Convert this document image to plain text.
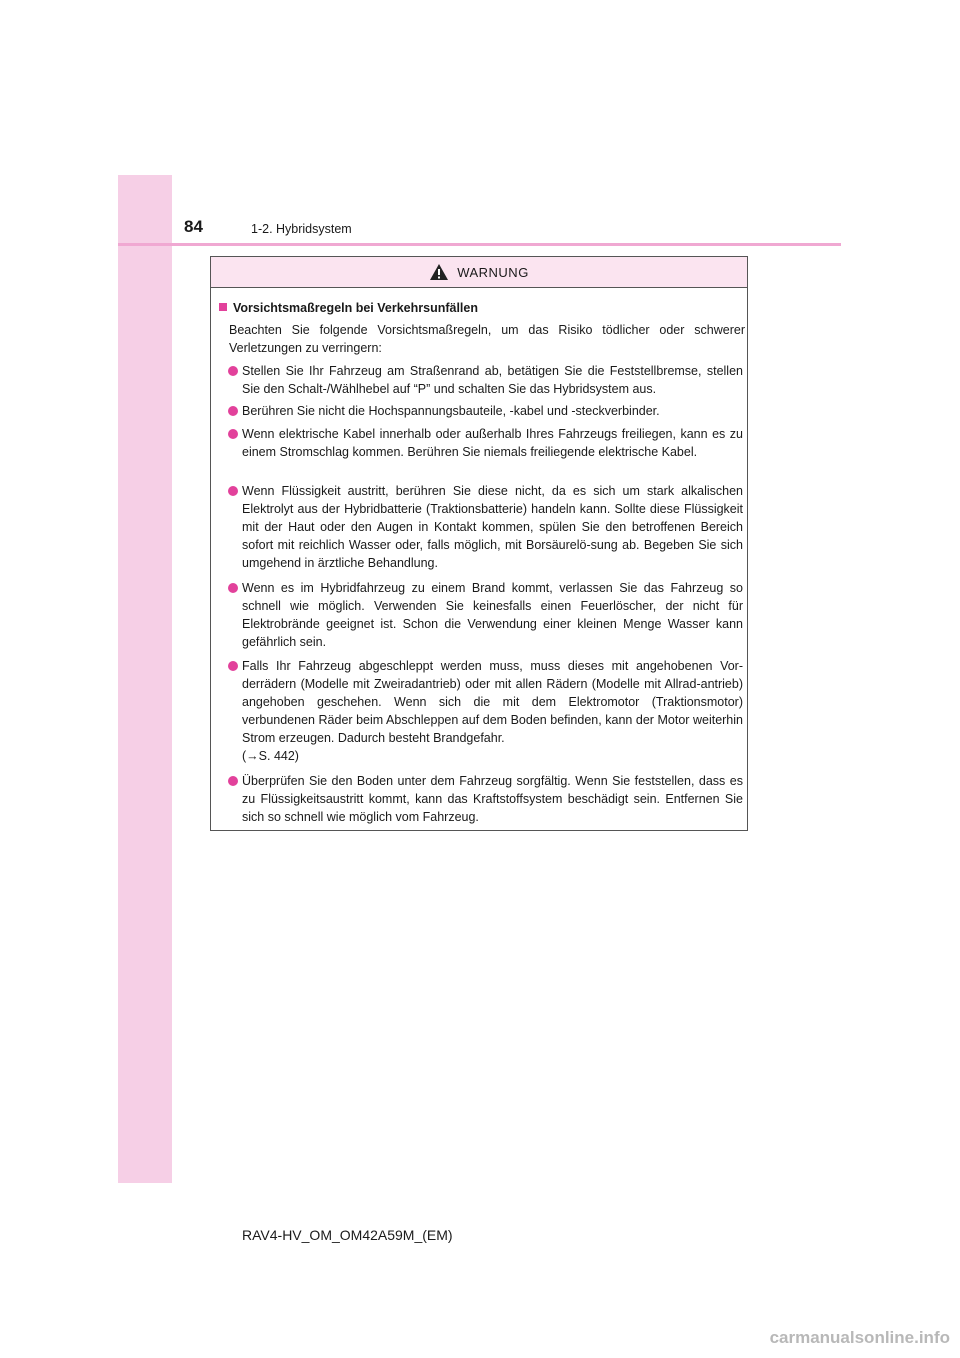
84	1-2. Hybridsystem
WARNUNG
Vorsichtsmaßregeln bei Verkehrsunfällen
Beachten Sie folgende Vorsichtsmaßregeln, um das Risiko tödlicher oder schwerer Verletzungen zu verringern:
Stellen Sie Ihr Fahrzeug am Straßenrand ab, betätigen Sie die Feststellbremse, stellen Sie den Schalt-/Wählhebel auf “P” und schalten Sie das Hybridsystem aus.
Berühren Sie nicht die Hochspannungsbauteile, -kabel und -steckverbinder.
Wenn elektrische Kabel innerhalb oder außerhalb Ihres Fahrzeugs freiliegen, kann es zu einem Stromschlag kommen. Berühren Sie niemals freiliegende elektrische Kabel.
Wenn Flüssigkeit austritt, berühren Sie diese nicht, da es sich um stark alkalischen Elektrolyt aus der Hybridbatterie (Traktionsbatterie) handeln kann. Sollte diese Flüssigkeit mit der Haut oder den Augen in Kontakt kommen, spülen Sie den betroffenen Bereich sofort mit reichlich Wasser oder, falls möglich, mit Borsäurelö-sung ab. Begeben Sie sich umgehend in ärztliche Behandlung.
Wenn es im Hybridfahrzeug zu einem Brand kommt, verlassen Sie das Fahrzeug so schnell wie möglich. Verwenden Sie keinesfalls einen Feuerlöscher, der nicht für Elektrobrände geeignet ist. Schon die Verwendung einer kleinen Menge Wasser kann gefährlich sein.
Falls Ihr Fahrzeug abgeschleppt werden muss, muss dieses mit angehobenen Vor-derrädern (Modelle mit Zweiradantrieb) oder mit allen Rädern (Modelle mit Allrad-antrieb) angehoben geschehen. Wenn sich die mit dem Elektromotor (Traktionsmotor) verbundenen Räder beim Abschleppen auf dem Boden befinden, kann der Motor weiterhin Strom erzeugen. Dadurch besteht Brandgefahr.
(→S. 442)
Überprüfen Sie den Boden unter dem Fahrzeug sorgfältig. Wenn Sie feststellen, dass es zu Flüssigkeitsaustritt kommt, kann das Kraftstoffsystem beschädigt sein. Entfernen Sie sich so schnell wie möglich vom Fahrzeug.
RAV4-HV_OM_OM42A59M_(EM)
carmanualsonline.info
